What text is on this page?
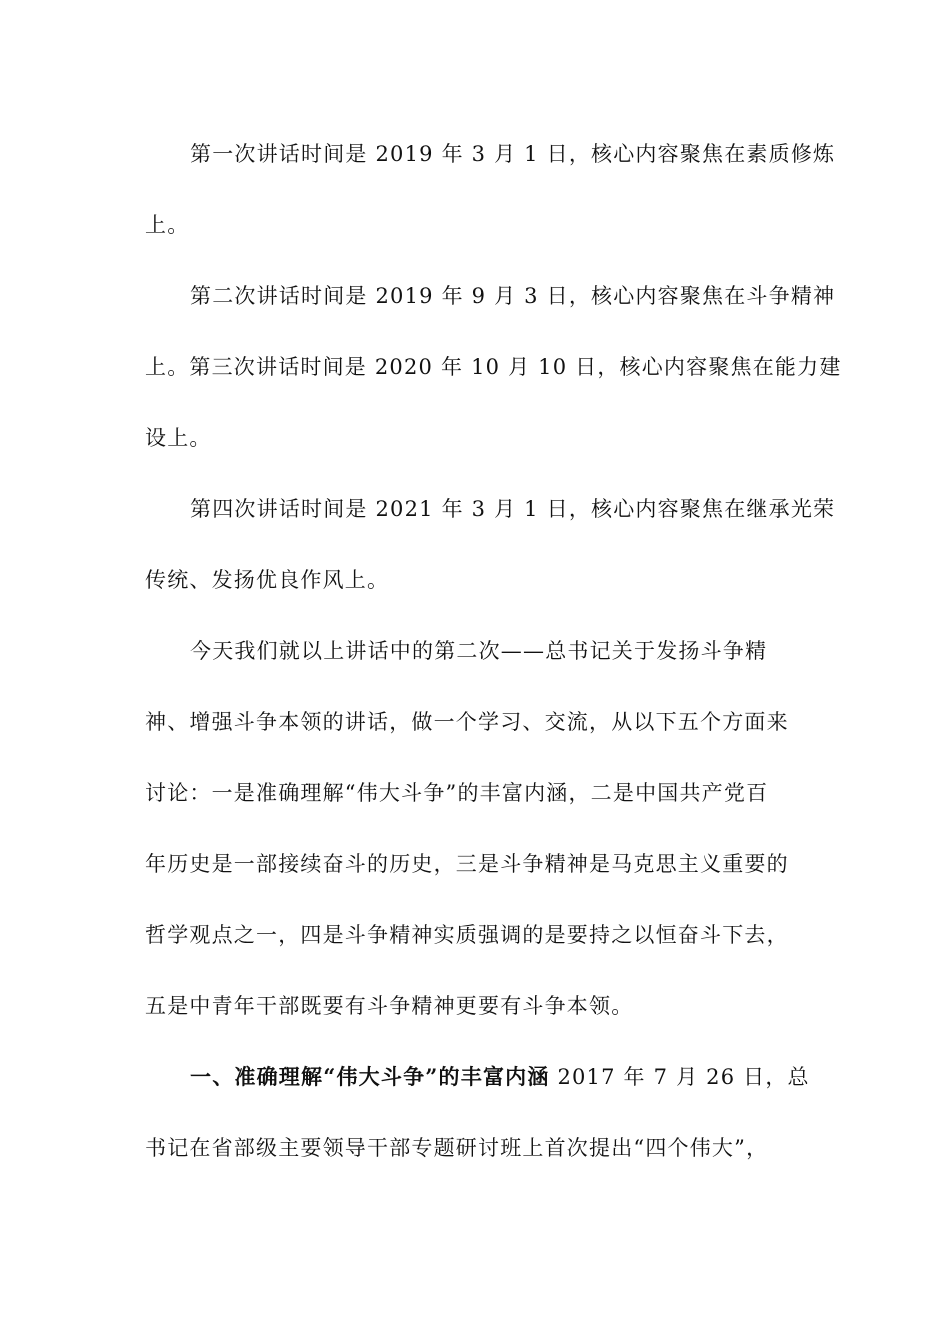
第一次讲话时间是 2019 年 3 月 1 日，核心内容聚焦在素质修炼
上。
第二次讲话时间是 2019 年 9 月 3 日，核心内容聚焦在斗争精神
上。第三次讲话时间是 2020 年 10 月 10 日，核心内容聚焦在能力建
设上。
第四次讲话时间是 2021 年 3 月 1 日，核心内容聚焦在继承光荣
传统、发扬优良作风上。
今天我们就以上讲话中的第二次——总书记关于发扬斗争精
神、增强斗争本领的讲话，做一个学习、交流，从以下五个方面来
讨论：一是准确理解“伟大斗争”的丰富内涵，二是中国共产党百
年历史是一部接续奋斗的历史，三是斗争精神是马克思主义重要的
哲学观点之一，四是斗争精神实质强调的是要持之以恒奋斗下去，
五是中青年干部既要有斗争精神更要有斗争本领。
一、准确理解“伟大斗争”的丰富内涵 2017 年 7 月 26 日，总
书记在省部级主要领导干部专题研讨班上首次提出“四个伟大”，
